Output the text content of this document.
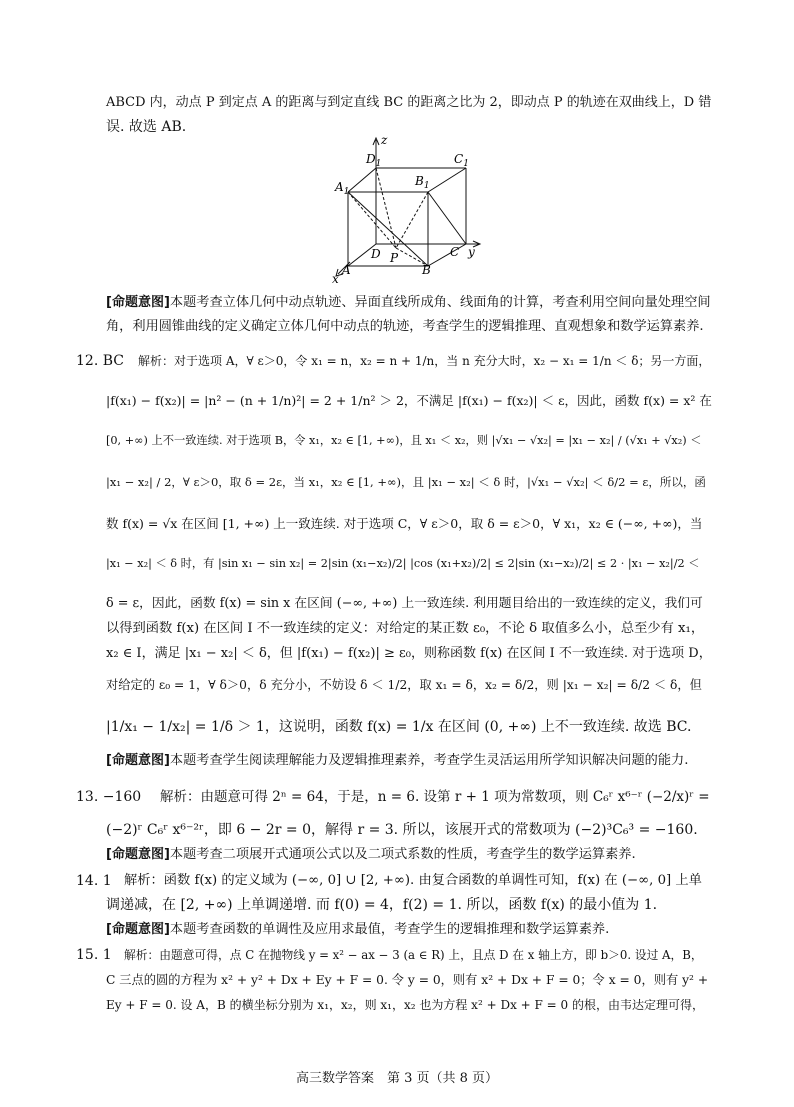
ABCD 内，动点 P 到定点 A 的距离与到定直线 BC 的距离之比为 2，即动点 P 的轨迹在双曲线上，D 错
误. 故选 AB.
z
y
x
$D_1$	$C_1$
$B_1$
$A_1$
A	B
C
D P
[命题意图]本题考查立体几何中动点轨迹、异面直线所成角、线面角的计算，考查利用空间向量处理空间
角，利用圆锥曲线的定义确定立体几何中动点的轨迹，考查学生的逻辑推理、直观想象和数学运算素养.
12. BC 解析：对于选项 A，∀ ε＞0，令 x₁ = n，x₂ = n + 1/n，当 n 充分大时，x₂ − x₁ = 1/n ＜ δ；另一方面，
|f(x₁) − f(x₂)| = |n² − (n + 1/n)²| = 2 + 1/n² ＞ 2，不满足 |f(x₁) − f(x₂)| ＜ ε，因此，函数 f(x) = x² 在
[0, +∞) 上不一致连续. 对于选项 B，令 x₁，x₂ ∈ [1, +∞)，且 x₁ ＜ x₂，则 |√x₁ − √x₂| = |x₁ − x₂| / (√x₁ + √x₂) ＜
|x₁ − x₂| / 2，∀ ε＞0，取 δ = 2ε，当 x₁，x₂ ∈ [1, +∞)，且 |x₁ − x₂| ＜ δ 时，|√x₁ − √x₂| ＜ δ/2 = ε，所以，函
数 f(x) = √x 在区间 [1, +∞) 上一致连续. 对于选项 C，∀ ε＞0，取 δ = ε＞0，∀ x₁，x₂ ∈ (−∞, +∞)，当
|x₁ − x₂| ＜ δ 时，有 |sin x₁ − sin x₂| = 2|sin (x₁−x₂)/2| |cos (x₁+x₂)/2| ≤ 2|sin (x₁−x₂)/2| ≤ 2 · |x₁ − x₂|/2 ＜
δ = ε，因此，函数 f(x) = sin x 在区间 (−∞, +∞) 上一致连续. 利用题目给出的一致连续的定义，我们可
以得到函数 f(x) 在区间 I 不一致连续的定义：对给定的某正数 ε₀，不论 δ 取值多么小，总至少有 x₁，
x₂ ∈ I，满足 |x₁ − x₂| ＜ δ，但 |f(x₁) − f(x₂)| ≥ ε₀，则称函数 f(x) 在区间 I 不一致连续. 对于选项 D，
对给定的 ε₀ = 1，∀ δ＞0，δ 充分小，不妨设 δ ＜ 1/2，取 x₁ = δ，x₂ = δ/2，则 |x₁ − x₂| = δ/2 ＜ δ，但
|1/x₁ − 1/x₂| = 1/δ ＞ 1，这说明，函数 f(x) = 1/x 在区间 (0, +∞) 上不一致连续. 故选 BC.
[命题意图]本题考查学生阅读理解能力及逻辑推理素养，考查学生灵活运用所学知识解决问题的能力.
13. −160 解析：由题意可得 2ⁿ = 64，于是，n = 6. 设第 r + 1 项为常数项，则 C₆ʳ x⁶⁻ʳ (−2/x)ʳ =
(−2)ʳ C₆ʳ x⁶⁻²ʳ，即 6 − 2r = 0，解得 r = 3. 所以，该展开式的常数项为 (−2)³C₆³ = −160.
[命题意图]本题考查二项展开式通项公式以及二项式系数的性质，考查学生的数学运算素养.
14. 1 解析：函数 f(x) 的定义域为 (−∞, 0] ∪ [2, +∞). 由复合函数的单调性可知，f(x) 在 (−∞, 0] 上单
调递减，在 [2, +∞) 上单调递增. 而 f(0) = 4，f(2) = 1. 所以，函数 f(x) 的最小值为 1.
[命题意图]本题考查函数的单调性及应用求最值，考查学生的逻辑推理和数学运算素养.
15. 1 解析：由题意可得，点 C 在抛物线 y = x² − ax − 3 (a ∈ R) 上，且点 D 在 x 轴上方，即 b＞0. 设过 A，B，
C 三点的圆的方程为 x² + y² + Dx + Ey + F = 0. 令 y = 0，则有 x² + Dx + F = 0；令 x = 0，则有 y² +
Ey + F = 0. 设 A，B 的横坐标分别为 x₁，x₂，则 x₁，x₂ 也为方程 x² + Dx + F = 0 的根，由韦达定理可得，
高三数学答案　第 3 页（共 8 页）
